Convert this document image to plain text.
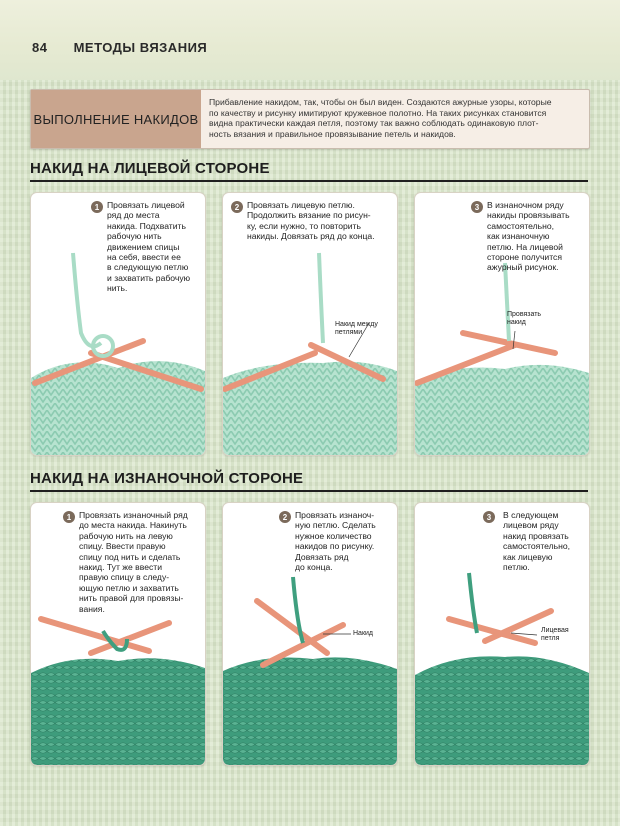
84 МЕТОДЫ ВЯЗАНИЯ
ВЫПОЛНЕНИЕ НАКИДОВ
Прибавление накидом, так, чтобы он был виден. Создаются ажурные узоры, которые
по качеству и рисунку имитируют кружевное полотно. На таких рисунках становится
видна практически каждая петля, поэтому так важно соблюдать одинаковую плот-
ность вязания и правильное провязывание петель и накидов.
НАКИД НА ЛИЦЕВОЙ СТОРОНЕ
1 Провязать лицевой
ряд до места
накида. Подхватить
рабочую нить
движением спицы
на себя, ввести ее
в следующую петлю
и захватить рабочую
нить.
2 Провязать лицевую петлю.
Продолжить вязание по рисун-
ку, если нужно, то повторить
накиды. Довязать ряд до конца.
Накид между
петлями
3 В изнаночном ряду
накиды провязывать
самостоятельно,
как изнаночную
петлю. На лицевой
стороне получится
ажурный рисунок.
Провязать
накид
НАКИД НА ИЗНАНОЧНОЙ СТОРОНЕ
1 Провязать изнаночный ряд
до места накида. Накинуть
рабочую нить на левую
спицу. Ввести правую
спицу под нить и сделать
накид. Тут же ввести
правую спицу в следу-
ющую петлю и захватить
нить правой для провязы-
вания.
2 Провязать изнаноч-
ную петлю. Сделать
нужное количество
накидов по рисунку.
Довязать ряд
до конца.
Накид
3	В следующем
лицевом ряду
накид провязать
самостоятельно,
как лицевую
петлю.
Лицевая
петля
